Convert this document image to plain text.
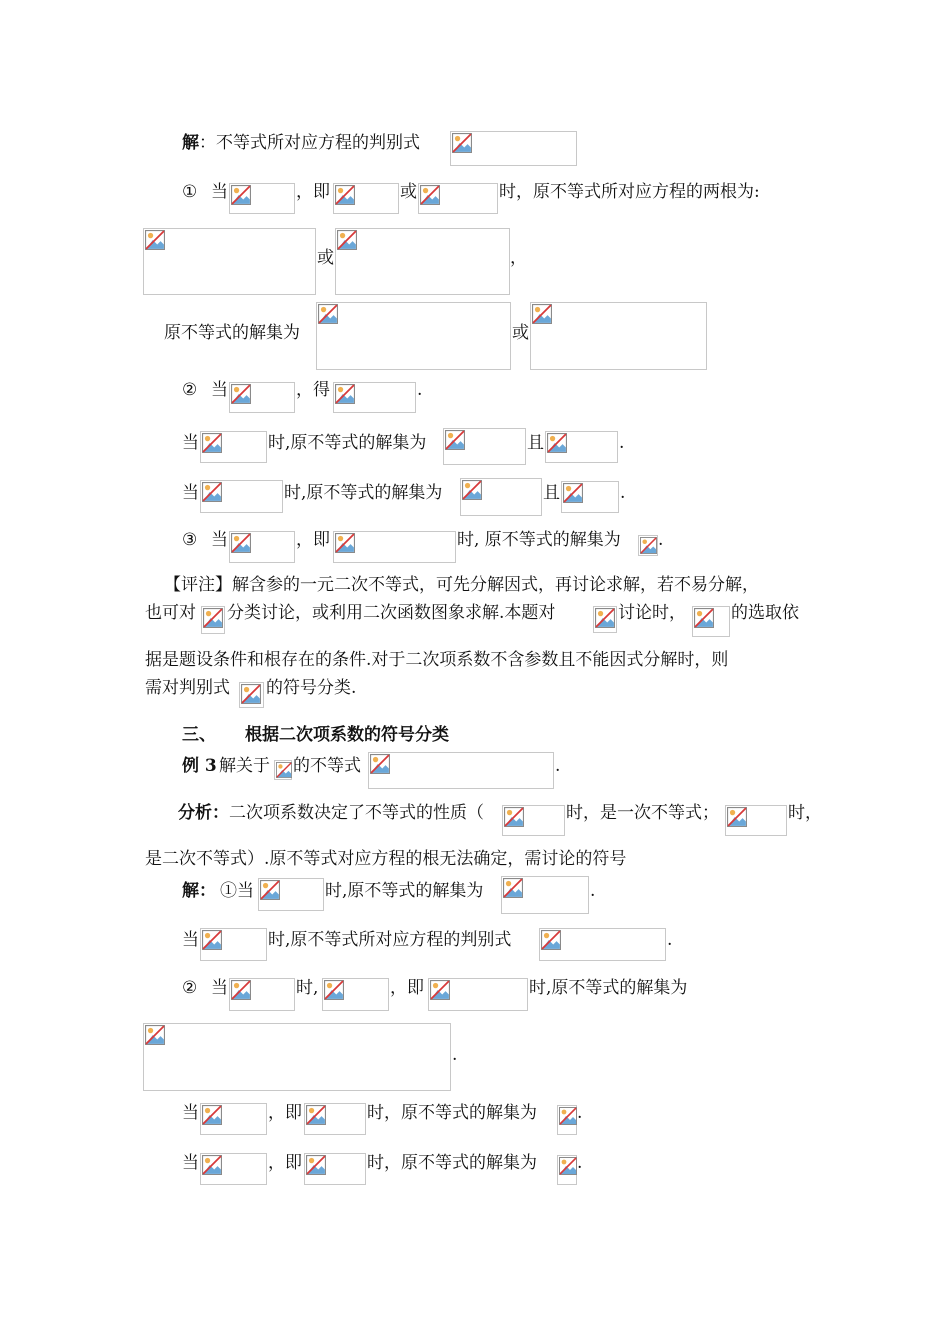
解 ：不等式所对应方程的判别式
① 当	，即	或	时，原不等式所对应方程的两根为:
或	，
原不等式的解集为	或
② 当	，得	.
当	时,原不等式的解集为	且	.
当	时,原不等式的解集为	且	.
③ 当	，即	时, 原不等式的解集为 .
【评注】解含参的一元二次不等式，可先分解因式，再讨论求解，若不易分解，
也可对 分类讨论，或利用二次函数图象求解.本题对	讨论时，	的选取依
据是题设条件和根存在的条件.对于二次项系数不含参数且不能因式分解时，则
需对判别式 的符号分类.
三、 根据二次项系数的符号分类
例 3 解关于 的不等式	.
分析： 二次项系数决定了不等式的性质（	时，是一次不等式；	时，
是二次不等式）.原不等式对应方程的根无法确定，需讨论的符号
解： ①当	时,原不等式的解集为	.
当	时,原不等式所对应方程的判别式	.
② 当	时,	，即	时,原不等式的解集为
.
当	，即	时，原不等式的解集为 .
当	，即	时，原不等式的解集为 .
